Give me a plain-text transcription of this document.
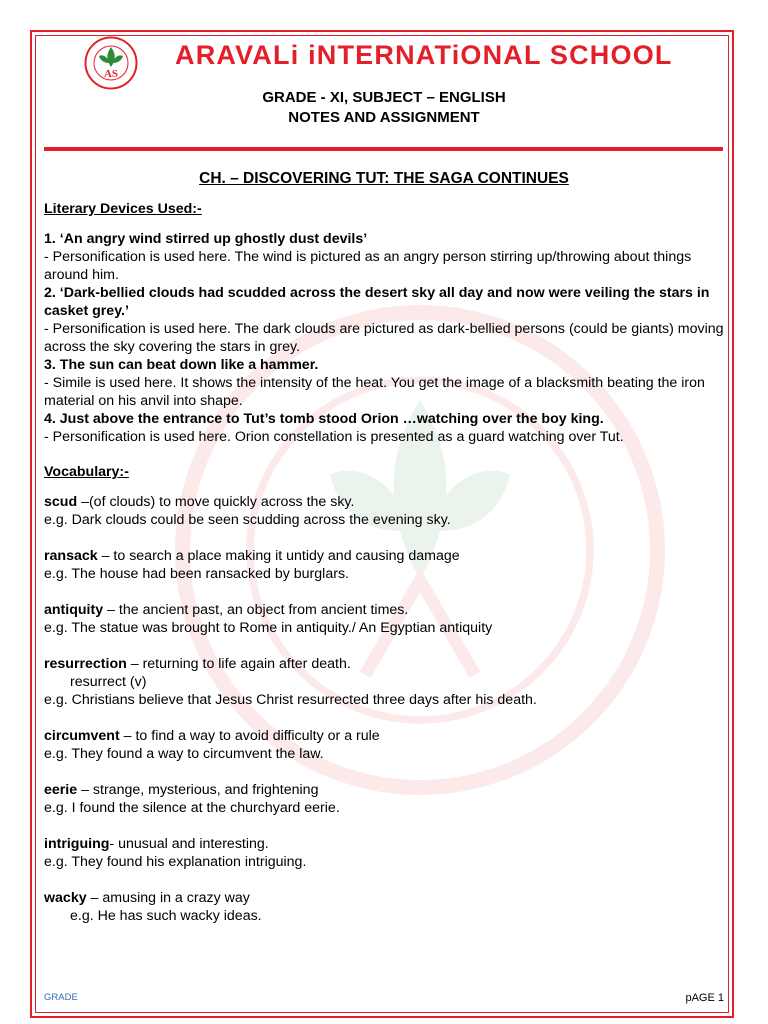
AS
ARAVALi iNTERNATiONAL SCHOOL
GRADE - XI, SUBJECT – ENGLISH
NOTES AND ASSIGNMENT
CH. – DISCOVERING TUT: THE SAGA CONTINUES

Literary Devices Used:-

1. ‘An angry wind stirred up ghostly dust devils’

- Personification is used here. The wind is pictured as an angry person stirring up/throwing about things around him.

2. ‘Dark-bellied clouds had scudded across the desert sky all day and now were veiling the stars in casket grey.’

- Personification is used here. The dark clouds are pictured as dark-bellied persons (could be giants) moving across the sky covering the stars in grey.

3. The sun can beat down like a hammer.

- Simile is used here. It shows the intensity of the heat. You get the image of a blacksmith beating the iron material on his anvil into shape.

4. Just above the entrance to Tut’s tomb stood Orion …watching over the boy king.

- Personification is used here. Orion constellation is presented as a guard watching over Tut.

Vocabulary:-

scud –(of clouds) to move quickly across the sky.

e.g. Dark clouds could be seen scudding across the evening sky.

ransack – to search a place making it untidy and causing damage

e.g. The house had been ransacked by burglars.

antiquity – the ancient past, an object from ancient times.

e.g. The statue was brought to Rome in antiquity./ An Egyptian antiquity

resurrection – returning to life again after death.

resurrect (v)

e.g. Christians believe that Jesus Christ resurrected three days after his death.

circumvent – to find a way to avoid difficulty or a rule

e.g. They found a way to circumvent the law.

eerie – strange, mysterious, and frightening

e.g. I found the silence at the churchyard eerie.

intriguing- unusual and interesting.

e.g. They found his explanation intriguing.

wacky – amusing in a crazy way

e.g. He has such wacky ideas.

GRADE	pAGE 1
